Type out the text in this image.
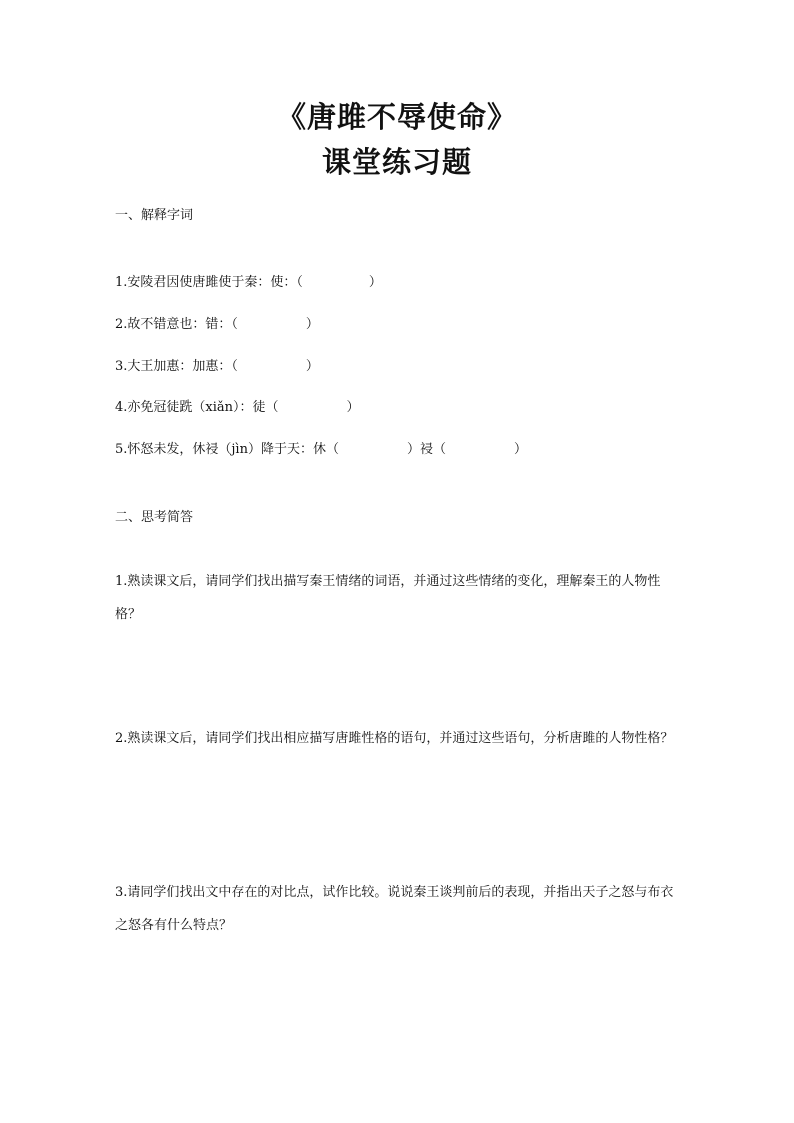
《唐雎不辱使命》
课堂练习题
一、解释字词
1.安陵君因使唐雎使于秦：使：（	）
2.故不错意也：错：（	）
3.大王加惠：加惠：（	）
4.亦免冠徒跣（xiǎn）：徒（	）
5.怀怒未发，休祲（jìn）降于天：休（	）祲（	）
二、思考简答
1.熟读课文后，请同学们找出描写秦王情绪的词语，并通过这些情绪的变化，理解秦王的人物性格？
2.熟读课文后，请同学们找出相应描写唐雎性格的语句，并通过这些语句，分析唐雎的人物性格？
3.请同学们找出文中存在的对比点，试作比较。说说秦王谈判前后的表现，并指出天子之怒与布衣之怒各有什么特点？
